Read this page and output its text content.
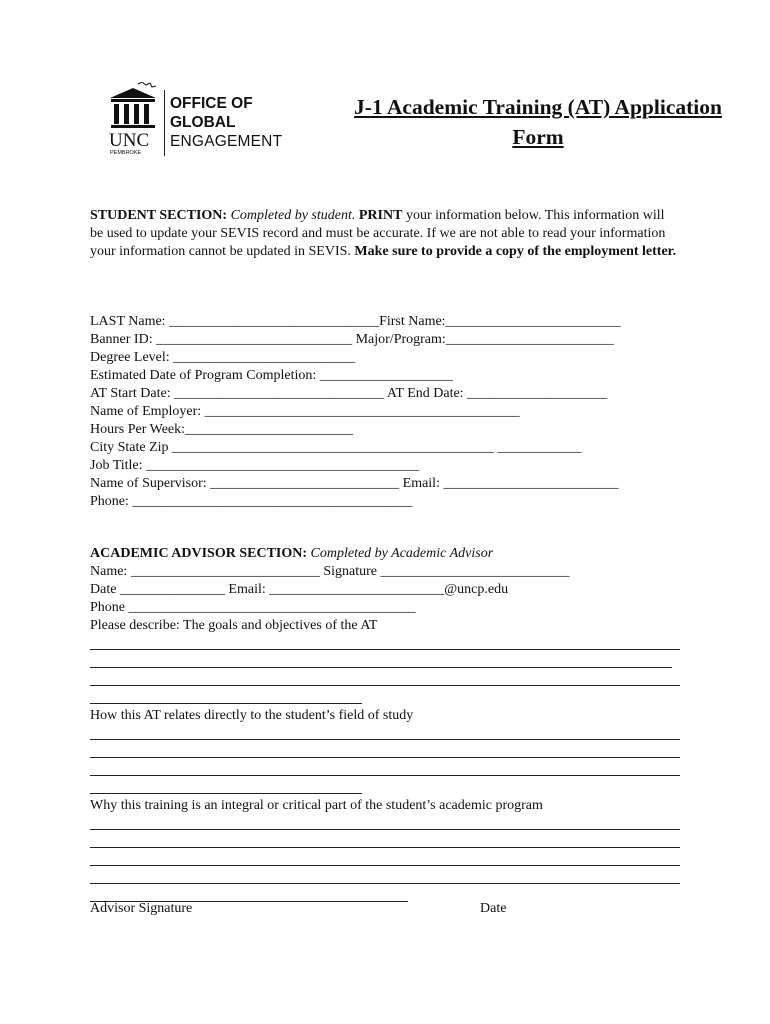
UNC
PEMBROKE
OFFICE OF
GLOBAL
ENGAGEMENT
J-1 Academic Training (AT) Application
Form
STUDENT SECTION: Completed by student. PRINT your information below. This information will be used to update your SEVIS record and must be accurate. If we are not able to read your information your information cannot be updated in SEVIS. Make sure to provide a copy of the employment letter.
LAST Name: ______________________________First Name:_________________________
Banner ID: ____________________________ Major/Program:________________________
Degree Level: __________________________
Estimated Date of Program Completion: ___________________
AT Start Date: ______________________________ AT End Date: ____________________
Name of Employer: _____________________________________________
Hours Per Week:________________________
City State Zip ______________________________________________ ____________
Job Title: _______________________________________
Name of Supervisor: ___________________________ Email: _________________________
Phone: ________________________________________
ACADEMIC ADVISOR SECTION: Completed by Academic Advisor
Name: ___________________________ Signature ___________________________
Date _______________ Email: _________________________@uncp.edu
Phone _________________________________________
Please describe: The goals and objectives of the AT
How this AT relates directly to the student’s field of study
Why this training is an integral or critical part of the student’s academic program
Advisor Signature	Date
